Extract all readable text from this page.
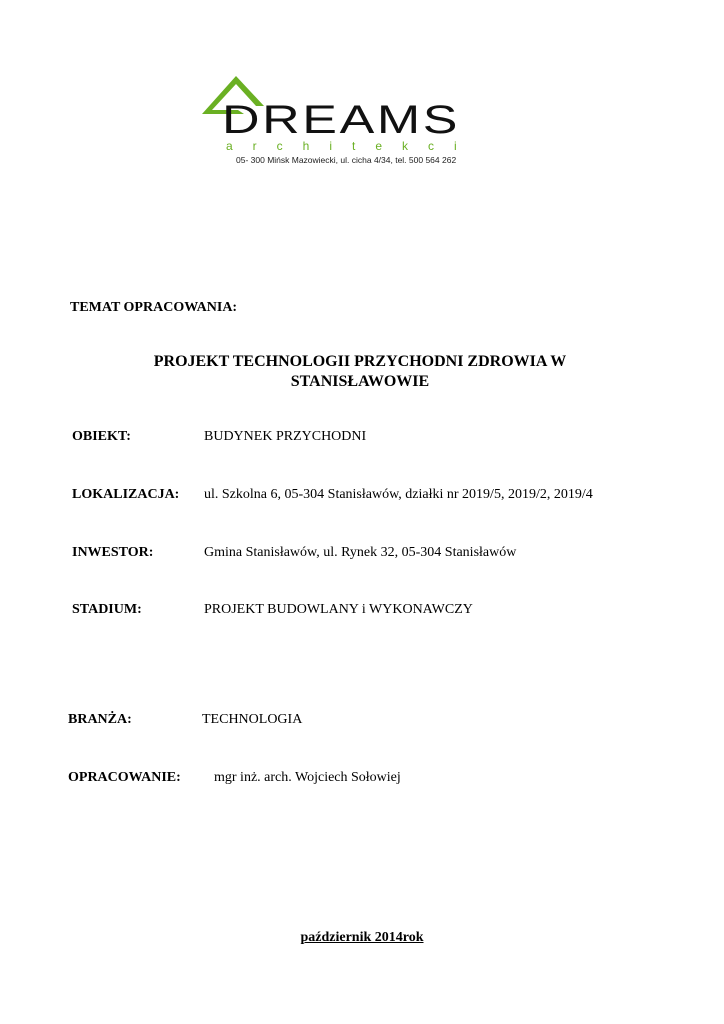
DREAMS
architekci
05- 300 Mińsk Mazowiecki, ul. cicha 4/34, tel. 500 564 262
TEMAT OPRACOWANIA:
PROJEKT TECHNOLOGII PRZYCHODNI ZDROWIA W
STANISŁAWOWIE
OBIEKT:	BUDYNEK PRZYCHODNI
LOKALIZACJA: ul. Szkolna 6, 05-304 Stanisławów, działki nr 2019/5, 2019/2, 2019/4
INWESTOR:	Gmina Stanisławów, ul. Rynek 32, 05-304 Stanisławów
STADIUM:	PROJEKT BUDOWLANY i WYKONAWCZY
BRANŻA:	TECHNOLOGIA
OPRACOWANIE: mgr inż. arch. Wojciech Sołowiej
październik 2014rok
